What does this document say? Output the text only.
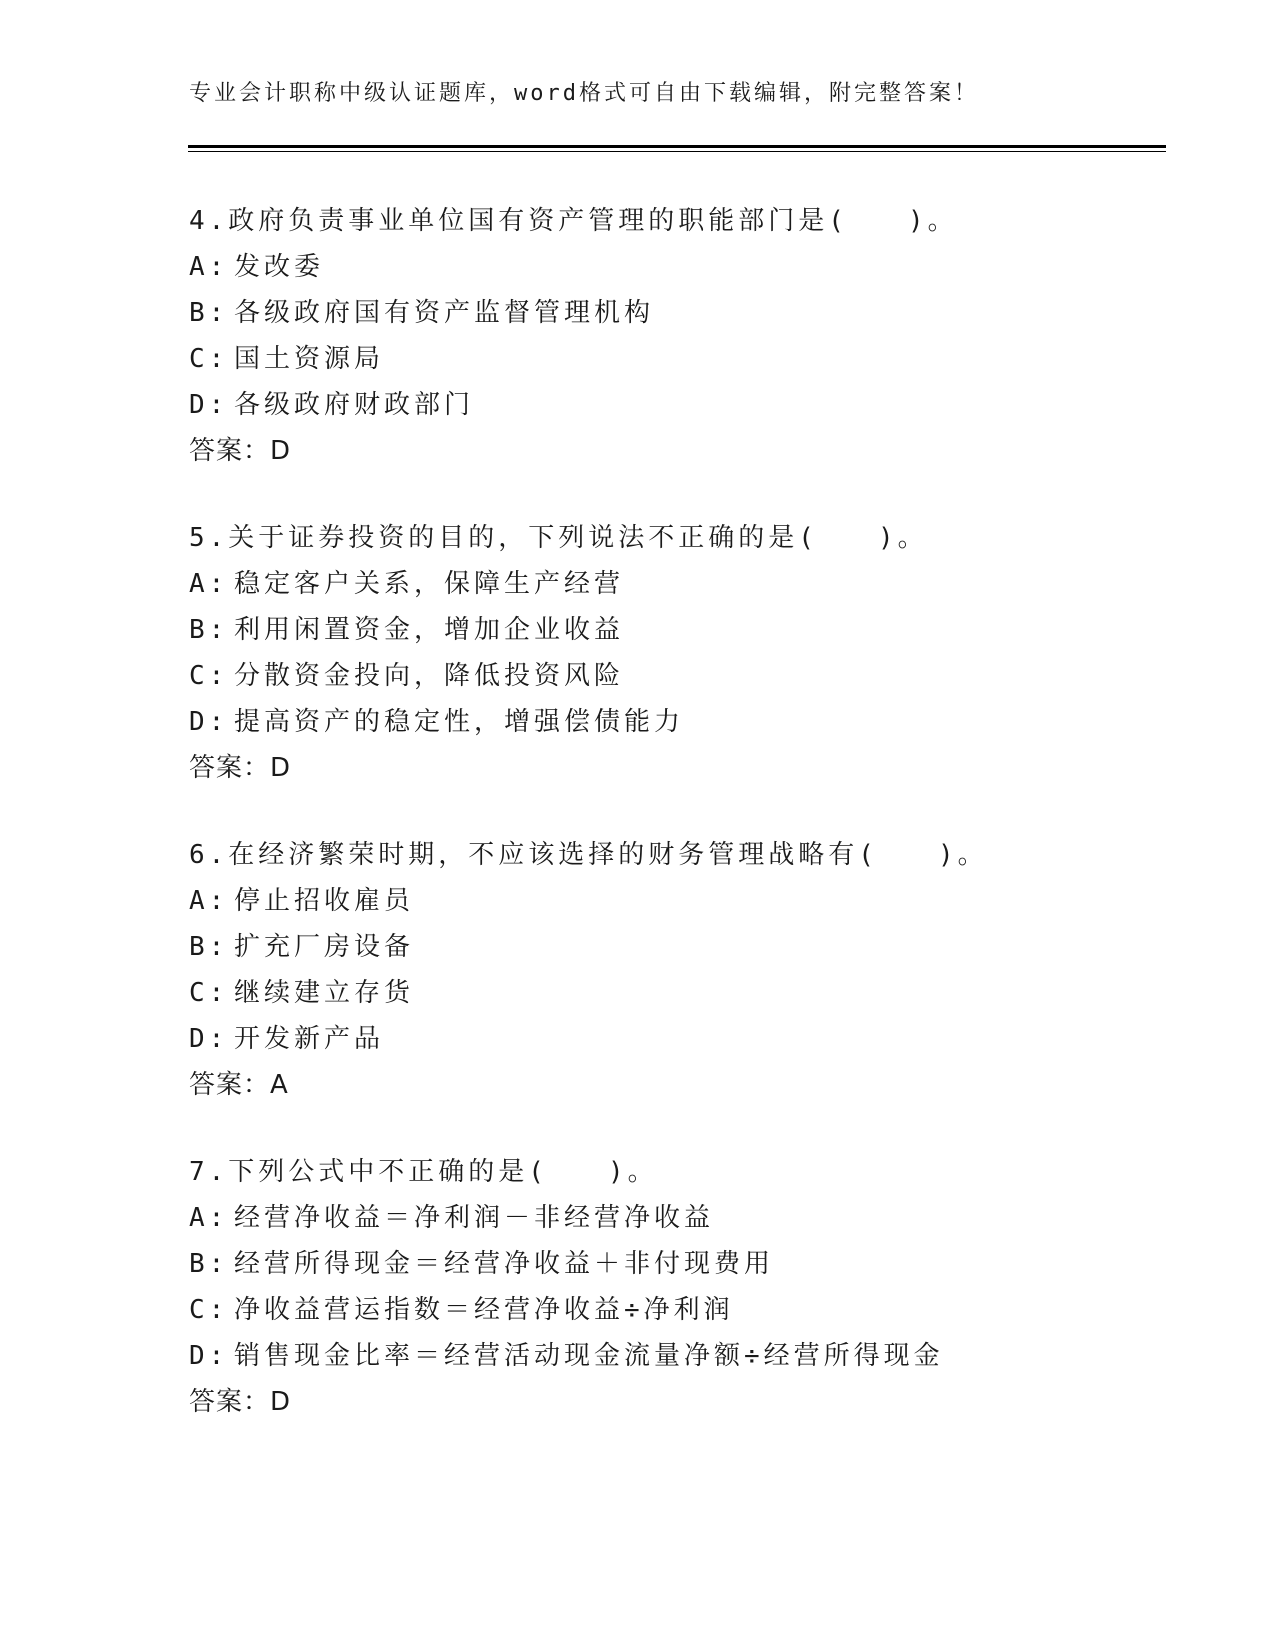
专业会计职称中级认证题库，word格式可自由下载编辑，附完整答案！
4.政府负责事业单位国有资产管理的职能部门是(　　)。
A: 发改委
B: 各级政府国有资产监督管理机构
C: 国土资源局
D: 各级政府财政部门
答案：D
5.关于证券投资的目的，下列说法不正确的是(　　)。
A: 稳定客户关系，保障生产经营
B: 利用闲置资金，增加企业收益
C: 分散资金投向，降低投资风险
D: 提高资产的稳定性，增强偿债能力
答案：D
6.在经济繁荣时期，不应该选择的财务管理战略有(　　)。
A: 停止招收雇员
B: 扩充厂房设备
C: 继续建立存货
D: 开发新产品
答案：A
7.下列公式中不正确的是(　　)。
A: 经营净收益＝净利润－非经营净收益
B: 经营所得现金＝经营净收益＋非付现费用
C: 净收益营运指数＝经营净收益÷净利润
D: 销售现金比率＝经营活动现金流量净额÷经营所得现金
答案：D
